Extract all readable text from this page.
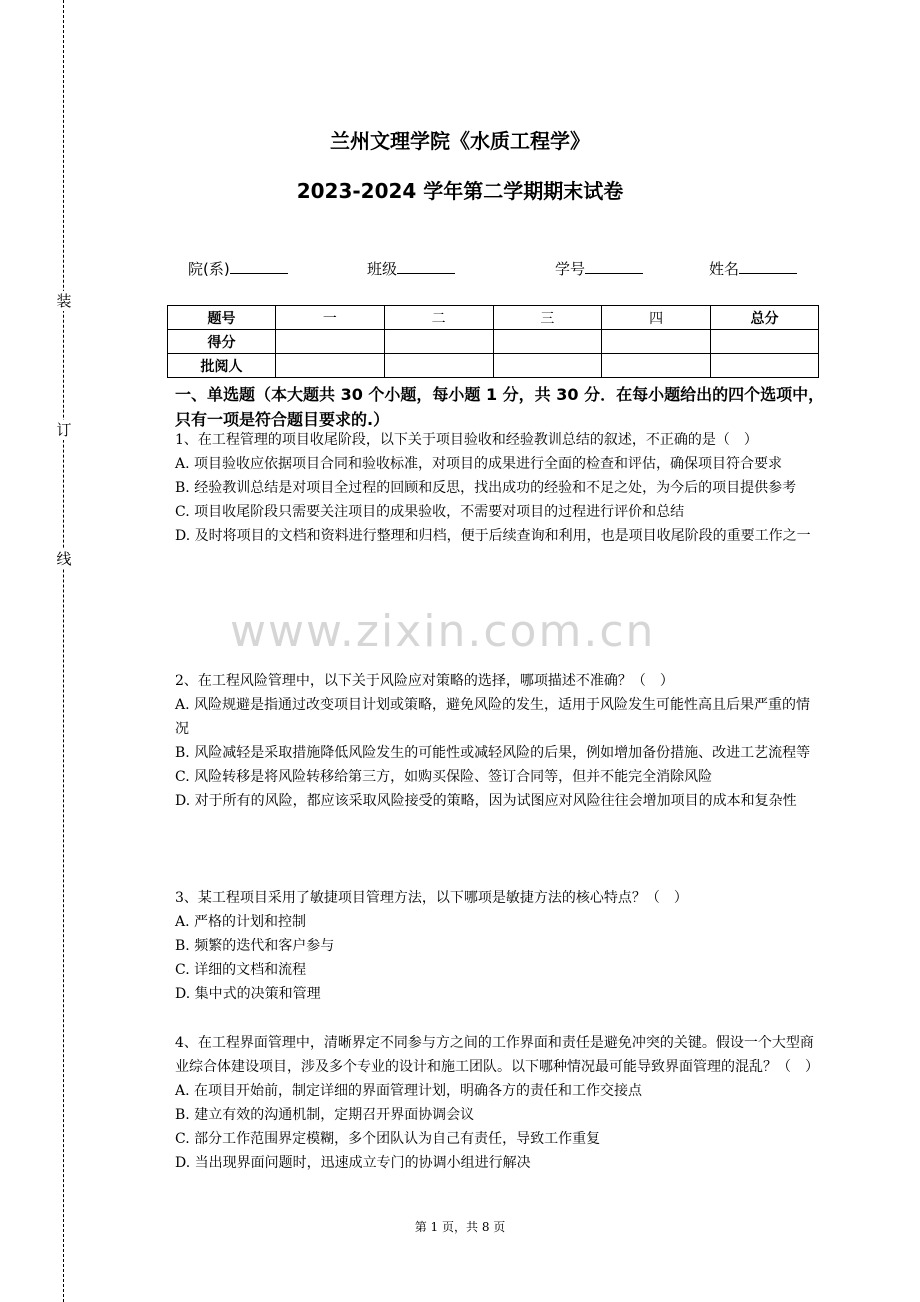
装
订
线
兰州文理学院《水质工程学》
2023-2024 学年第二学期期末试卷
院(系)	班级	学号	姓名
题号	一	二	三	四	总分
得分					
批阅人					
一、单选题（本大题共 30 个小题，每小题 1 分，共 30 分．在每小题给出的四个选项中，只有一项是符合题目要求的.）

1、在工程管理的项目收尾阶段，以下关于项目验收和经验教训总结的叙述，不正确的是（　）

A. 项目验收应依据项目合同和验收标准，对项目的成果进行全面的检查和评估，确保项目符合要求

B. 经验教训总结是对项目全过程的回顾和反思，找出成功的经验和不足之处，为今后的项目提供参考

C. 项目收尾阶段只需要关注项目的成果验收，不需要对项目的过程进行评价和总结

D. 及时将项目的文档和资料进行整理和归档，便于后续查询和利用，也是项目收尾阶段的重要工作之一

www.zixin.com.cn

2、在工程风险管理中，以下关于风险应对策略的选择，哪项描述不准确？（　）

A. 风险规避是指通过改变项目计划或策略，避免风险的发生，适用于风险发生可能性高且后果严重的情况

B. 风险减轻是采取措施降低风险发生的可能性或减轻风险的后果，例如增加备份措施、改进工艺流程等

C. 风险转移是将风险转移给第三方，如购买保险、签订合同等，但并不能完全消除风险

D. 对于所有的风险，都应该采取风险接受的策略，因为试图应对风险往往会增加项目的成本和复杂性

3、某工程项目采用了敏捷项目管理方法，以下哪项是敏捷方法的核心特点？（　）

A. 严格的计划和控制

B. 频繁的迭代和客户参与

C. 详细的文档和流程

D. 集中式的决策和管理

4、在工程界面管理中，清晰界定不同参与方之间的工作界面和责任是避免冲突的关键。假设一个大型商业综合体建设项目，涉及多个专业的设计和施工团队。以下哪种情况最可能导致界面管理的混乱？（　）

A. 在项目开始前，制定详细的界面管理计划，明确各方的责任和工作交接点

B. 建立有效的沟通机制，定期召开界面协调会议

C. 部分工作范围界定模糊，多个团队认为自己有责任，导致工作重复

D. 当出现界面问题时，迅速成立专门的协调小组进行解决

第 1 页，共 8 页
